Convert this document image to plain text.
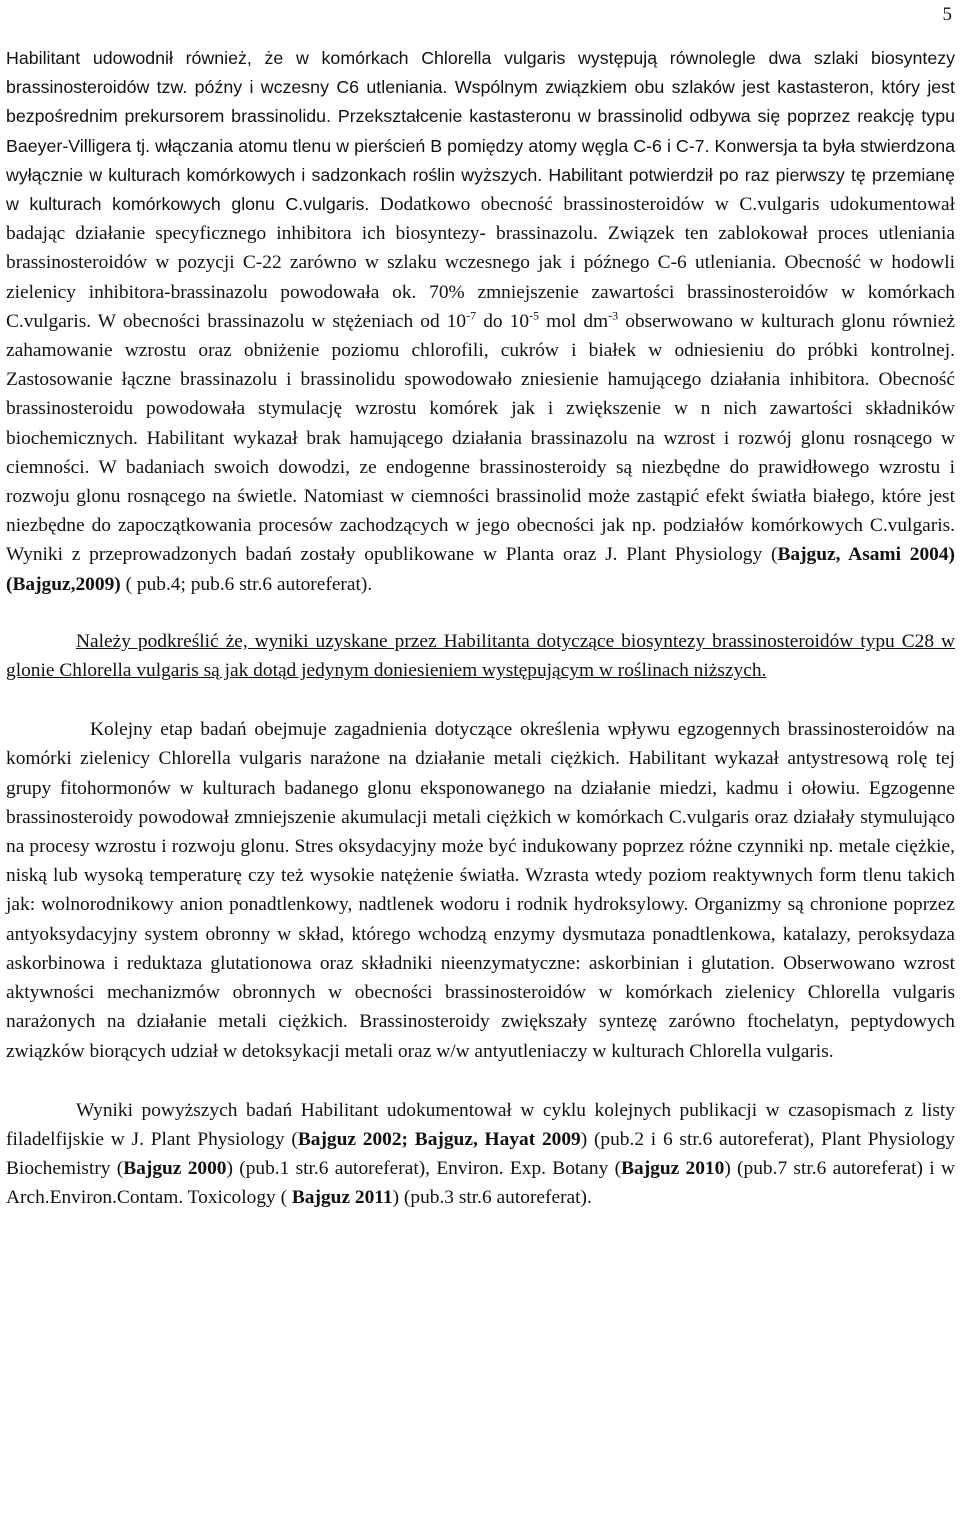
5

Habilitant udowodnił również, że w komórkach Chlorella vulgaris występują równolegle dwa szlaki biosyntezy brassinosteroidów tzw. późny i wczesny C6 utleniania. Wspólnym związkiem obu szlaków jest kastasteron, który jest bezpośrednim prekursorem brassinolidu. Przekształcenie kastasteronu w brassinolid odbywa się poprzez reakcję typu Baeyer-Villigera tj. włączania atomu tlenu w pierścień B pomiędzy atomy węgla C-6 i C-7. Konwersja ta była stwierdzona wyłącznie w kulturach komórkowych i sadzonkach roślin wyższych. Habilitant potwierdził po raz pierwszy tę przemianę w kulturach komórkowych glonu C.vulgaris. Dodatkowo obecność brassinosteroidów w C.vulgaris udokumentował badając działanie specyficznego inhibitora ich biosyntezy- brassinazolu. Związek ten zablokował proces utleniania brassinosteroidów w pozycji C-22 zarówno w szlaku wczesnego jak i późnego C-6 utleniania. Obecność w hodowli zielenicy inhibitora-brassinazolu powodowała ok. 70% zmniejszenie zawartości brassinosteroidów w komórkach C.vulgaris. W obecności brassinazolu w stężeniach od $10^{-7}$ do $10^{-5}$ mol $dm^{-3}$ obserwowano w kulturach glonu również zahamowanie wzrostu oraz obniżenie poziomu chlorofili, cukrów i białek w odniesieniu do próbki kontrolnej. Zastosowanie łączne brassinazolu i brassinolidu spowodowało zniesienie hamującego działania inhibitora. Obecność brassinosteroidu powodowała stymulację wzrostu komórek jak i zwiększenie w n nich zawartości składników biochemicznych. Habilitant wykazał brak hamującego działania brassinazolu na wzrost i rozwój glonu rosnącego w ciemności. W badaniach swoich dowodzi, ze endogenne brassinosteroidy są niezbędne do prawidłowego wzrostu i rozwoju glonu rosnącego na świetle. Natomiast w ciemności brassinolid może zastąpić efekt światła białego, które jest niezbędne do zapoczątkowania procesów zachodzących w jego obecności jak np. podziałów komórkowych C.vulgaris. Wyniki z przeprowadzonych badań zostały opublikowane w Planta oraz J. Plant Physiology (Bajguz, Asami 2004) (Bajguz,2009) ( pub.4; pub.6 str.6 autoreferat).

Należy podkreślić że, wyniki uzyskane przez Habilitanta dotyczące biosyntezy brassinosteroidów typu C28 w glonie Chlorella vulgaris są jak dotąd jedynym doniesieniem występującym w roślinach niższych.

Kolejny etap badań obejmuje zagadnienia dotyczące określenia wpływu egzogennych brassinosteroidów na komórki zielenicy Chlorella vulgaris narażone na działanie metali ciężkich. Habilitant wykazał antystresową rolę tej grupy fitohormonów w kulturach badanego glonu eksponowanego na działanie miedzi, kadmu i ołowiu. Egzogenne brassinosteroidy powodował zmniejszenie akumulacji metali ciężkich w komórkach C.vulgaris oraz działały stymulująco na procesy wzrostu i rozwoju glonu. Stres oksydacyjny może być indukowany poprzez różne czynniki np. metale ciężkie, niską lub wysoką temperaturę czy też wysokie natężenie światła. Wzrasta wtedy poziom reaktywnych form tlenu takich jak: wolnorodnikowy anion ponadtlenkowy, nadtlenek wodoru i rodnik hydroksylowy. Organizmy są chronione poprzez antyoksydacyjny system obronny w skład, którego wchodzą enzymy dysmutaza ponadtlenkowa, katalazy, peroksydaza askorbinowa i reduktaza glutationowa oraz składniki nieenzymatyczne: askorbinian i glutation. Obserwowano wzrost aktywności mechanizmów obronnych w obecności brassinosteroidów w komórkach zielenicy Chlorella vulgaris narażonych na działanie metali ciężkich. Brassinosteroidy zwiększały syntezę zarówno ftochelatyn, peptydowych związków biorących udział w detoksykacji metali oraz w/w antyutleniaczy w kulturach Chlorella vulgaris.

Wyniki powyższych badań Habilitant udokumentował w cyklu kolejnych publikacji w czasopismach z listy filadelfijskie w J. Plant Physiology (Bajguz 2002; Bajguz, Hayat 2009) (pub.2 i 6 str.6 autoreferat), Plant Physiology Biochemistry (Bajguz 2000) (pub.1 str.6 autoreferat), Environ. Exp. Botany (Bajguz 2010) (pub.7 str.6 autoreferat) i w Arch.Environ.Contam. Toxicology ( Bajguz 2011) (pub.3 str.6 autoreferat).
